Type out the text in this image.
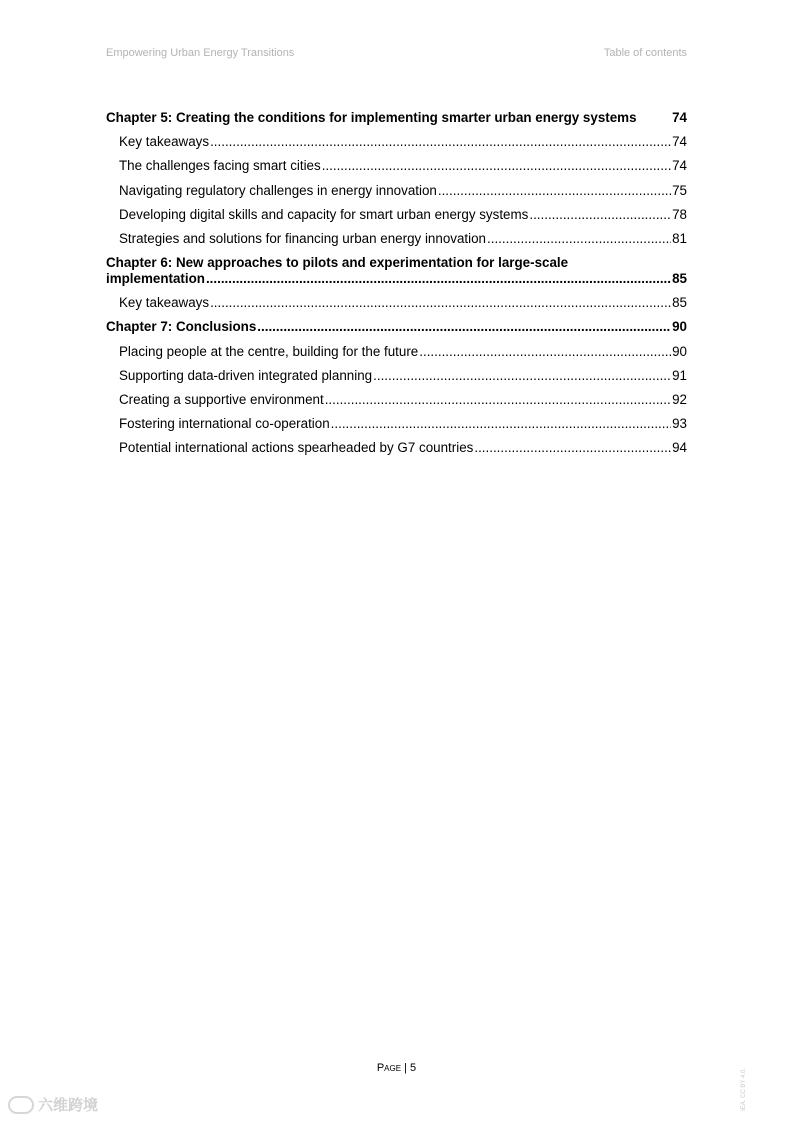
Empowering Urban Energy Transitions	Table of contents
Chapter 5: Creating the conditions for implementing smarter urban energy systems	74
Key takeaways .....	74
The challenges facing smart cities .....	74
Navigating regulatory challenges in energy innovation .....	75
Developing digital skills and capacity for smart urban energy systems .....	78
Strategies and solutions for financing urban energy innovation .....	81
Chapter 6: New approaches to pilots and experimentation for large-scale
implementation .....	85
Key takeaways .....	85
Chapter 7: Conclusions .....	90
Placing people at the centre, building for the future .....	90
Supporting data-driven integrated planning .....	91
Creating a supportive environment .....	92
Fostering international co-operation .....	93
Potential international actions spearheaded by G7 countries .....	94
Page | 5	IEA. CC BY 4.0.
六维跨境
